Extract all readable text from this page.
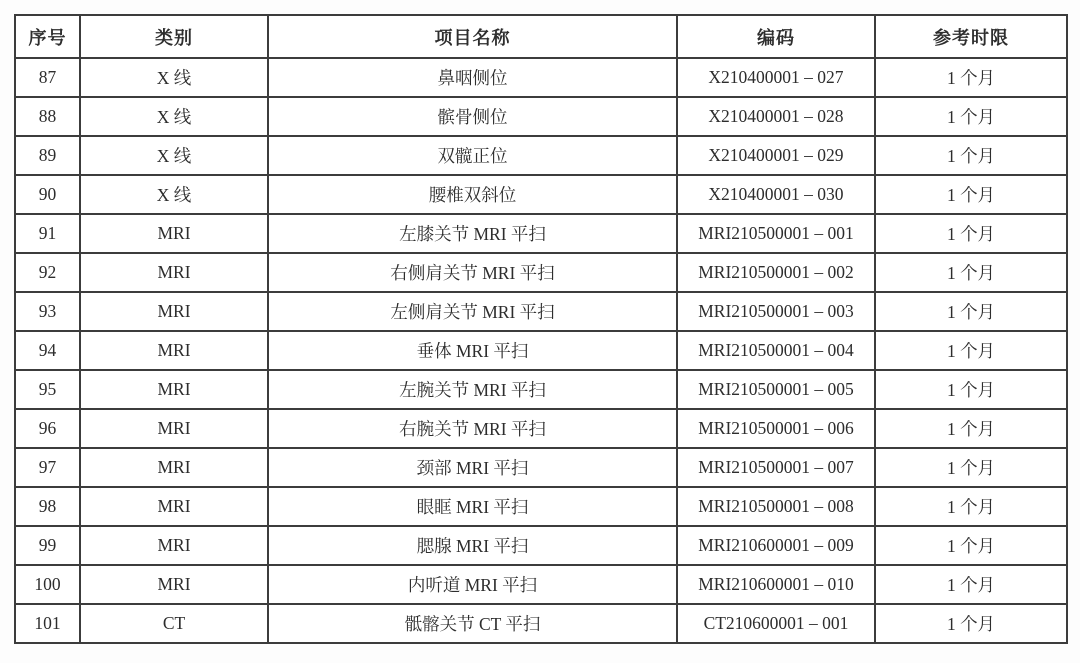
序号	类别	项目名称	编码	参考时限
87	X 线	鼻咽侧位	X210400001 – 027	1 个月
88	X 线	髌骨侧位	X210400001 – 028	1 个月
89	X 线	双髋正位	X210400001 – 029	1 个月
90	X 线	腰椎双斜位	X210400001 – 030	1 个月
91	MRI	左膝关节 MRI 平扫	MRI210500001 – 001	1 个月
92	MRI	右侧肩关节 MRI 平扫	MRI210500001 – 002	1 个月
93	MRI	左侧肩关节 MRI 平扫	MRI210500001 – 003	1 个月
94	MRI	垂体 MRI 平扫	MRI210500001 – 004	1 个月
95	MRI	左腕关节 MRI 平扫	MRI210500001 – 005	1 个月
96	MRI	右腕关节 MRI 平扫	MRI210500001 – 006	1 个月
97	MRI	颈部 MRI 平扫	MRI210500001 – 007	1 个月
98	MRI	眼眶 MRI 平扫	MRI210500001 – 008	1 个月
99	MRI	腮腺 MRI 平扫	MRI210600001 – 009	1 个月
100	MRI	内听道 MRI 平扫	MRI210600001 – 010	1 个月
101	CT	骶髂关节 CT 平扫	CT210600001 – 001	1 个月
